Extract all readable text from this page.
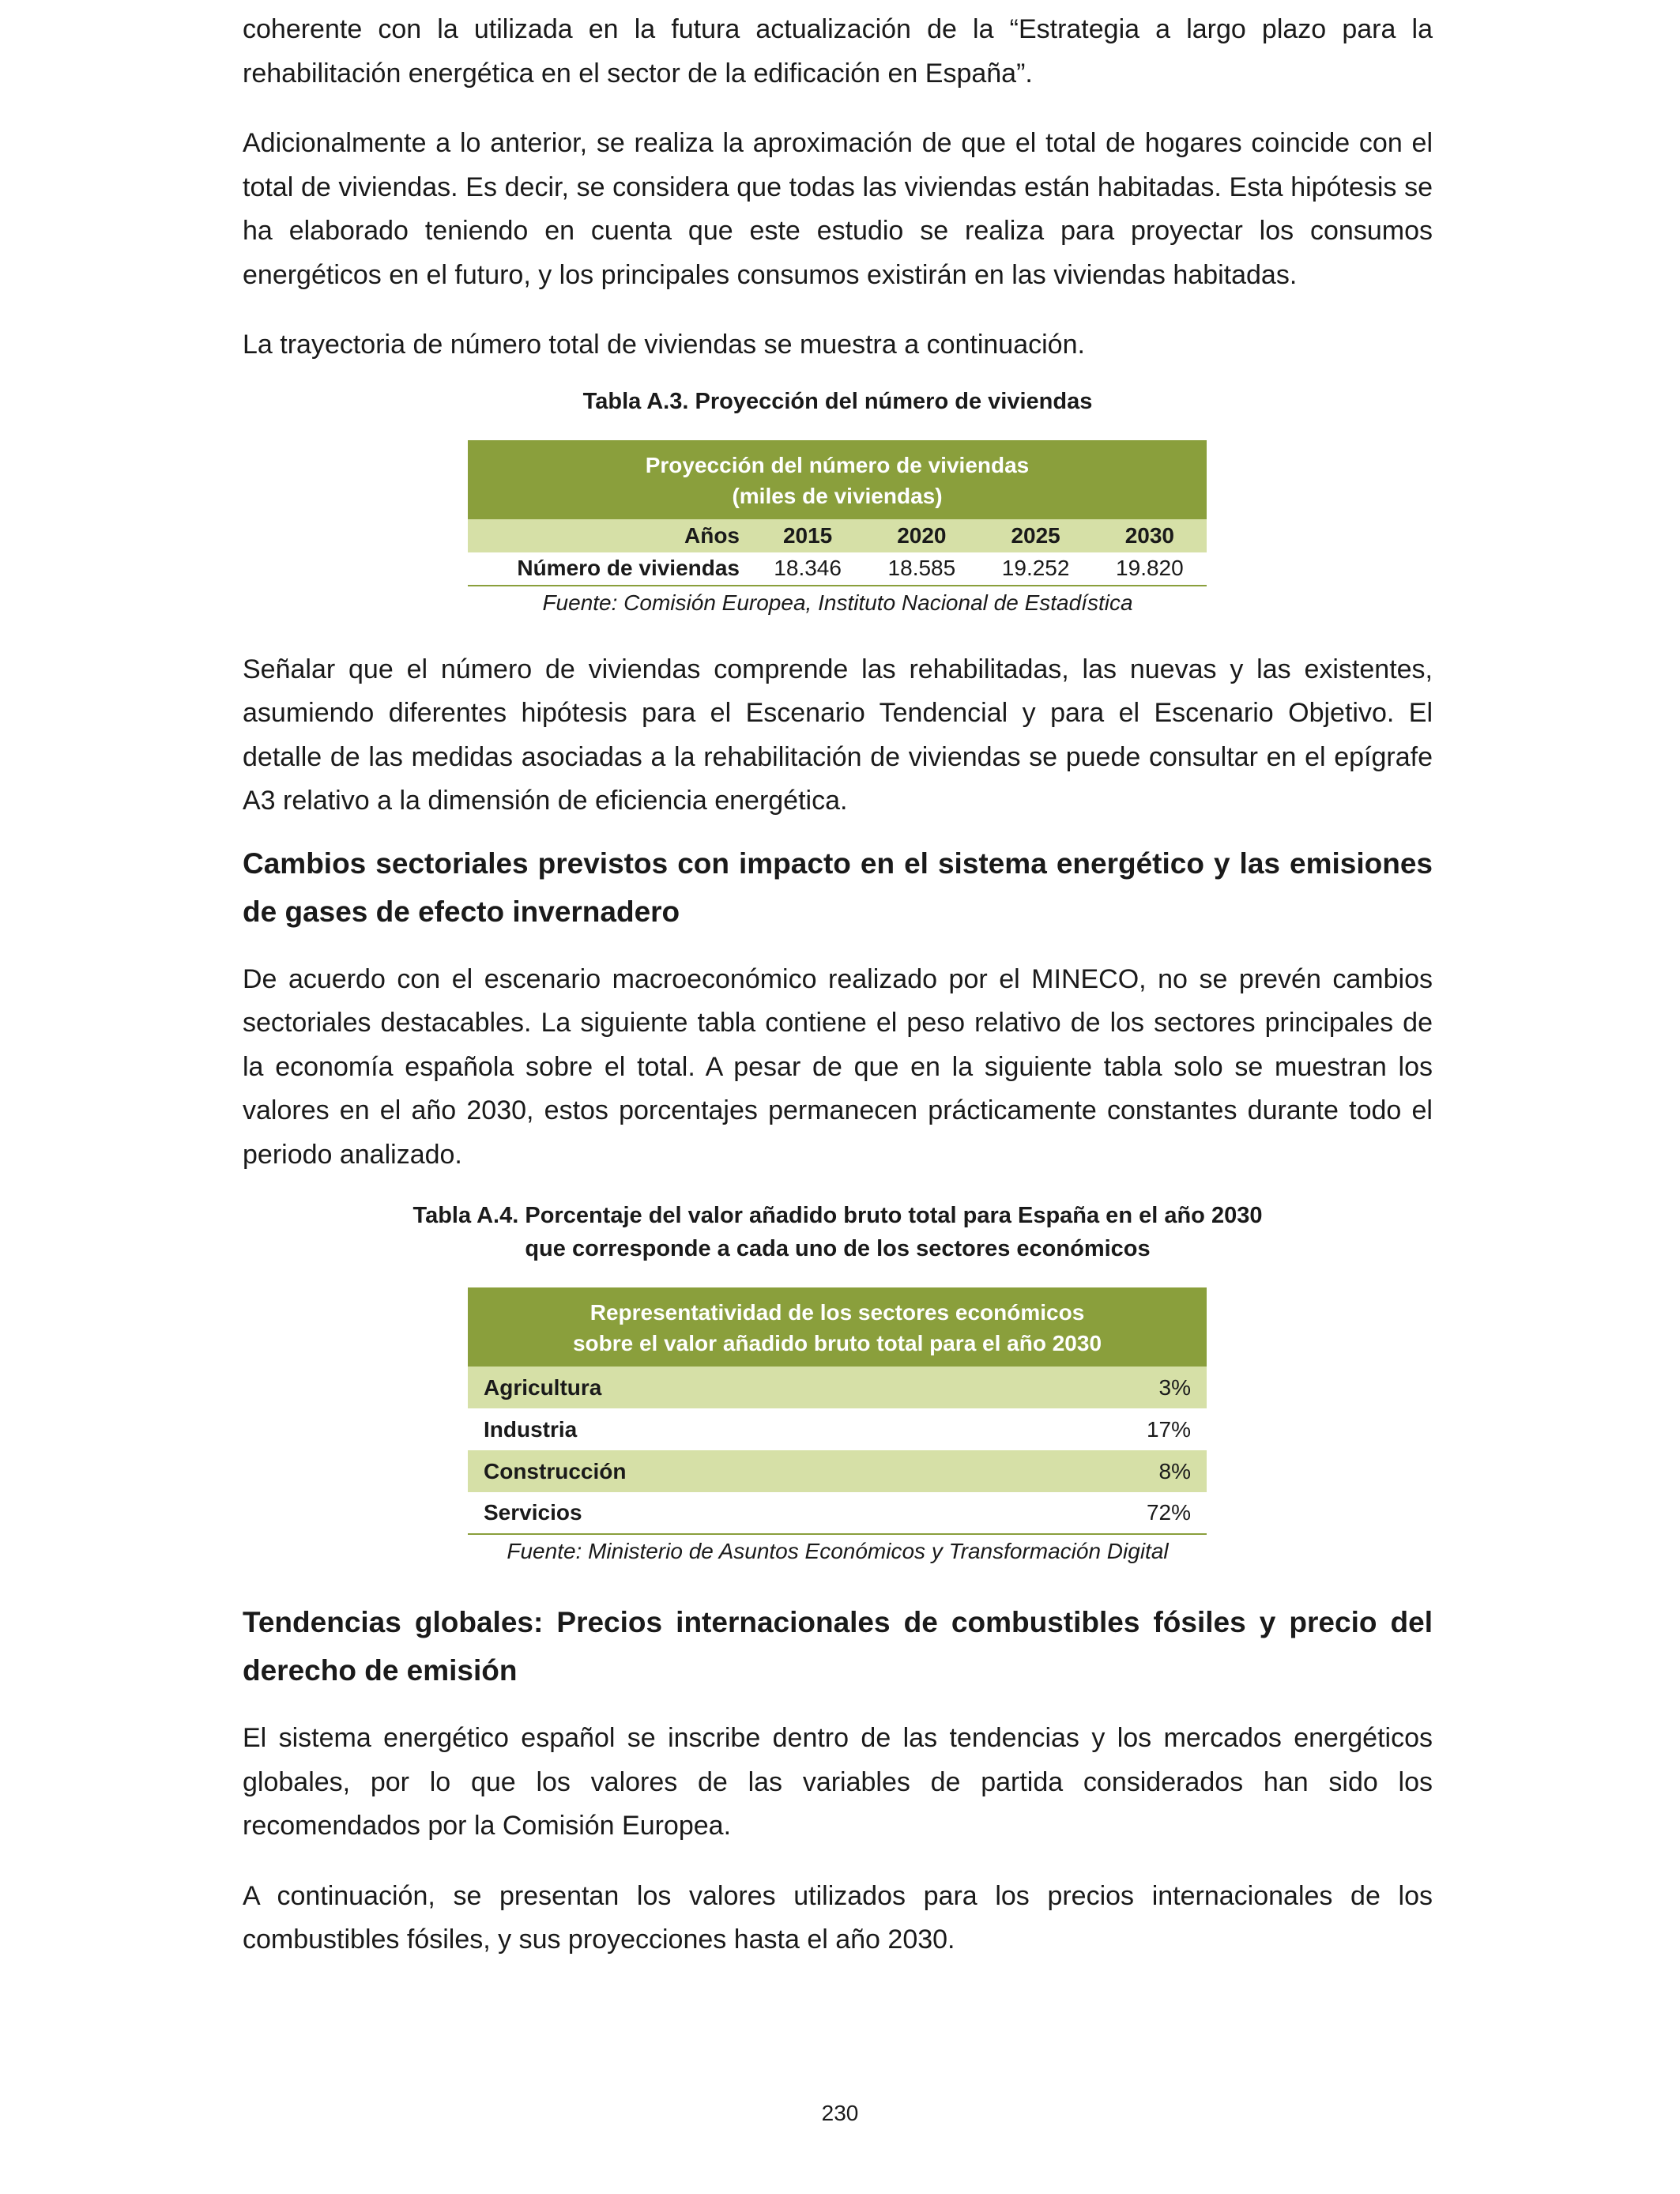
coherente con la utilizada en la futura actualización de la “Estrategia a largo plazo para la rehabilitación energética en el sector de la edificación en España”.

Adicionalmente a lo anterior, se realiza la aproximación de que el total de hogares coincide con el total de viviendas. Es decir, se considera que todas las viviendas están habitadas. Esta hipótesis se ha elaborado teniendo en cuenta que este estudio se realiza para proyectar los consumos energéticos en el futuro, y los principales consumos existirán en las viviendas habitadas.

La trayectoria de número total de viviendas se muestra a continuación.

Tabla A.3. Proyección del número de viviendas

Proyección del número de viviendas
(miles de viviendas)				

Años	2015	2020	2025	2030
Número de viviendas	18.346	18.585	19.252	19.820

Fuente: Comisión Europea, Instituto Nacional de Estadística

Señalar que el número de viviendas comprende las rehabilitadas, las nuevas y las existentes, asumiendo diferentes hipótesis para el Escenario Tendencial y para el Escenario Objetivo. El detalle de las medidas asociadas a la rehabilitación de viviendas se puede consultar en el epígrafe A3 relativo a la dimensión de eficiencia energética.

Cambios sectoriales previstos con impacto en el sistema energético y las emisiones de gases de efecto invernadero

De acuerdo con el escenario macroeconómico realizado por el MINECO, no se prevén cambios sectoriales destacables. La siguiente tabla contiene el peso relativo de los sectores principales de la economía española sobre el total. A pesar de que en la siguiente tabla solo se muestran los valores en el año 2030, estos porcentajes permanecen prácticamente constantes durante todo el periodo analizado.

Tabla A.4. Porcentaje del valor añadido bruto total para España en el año 2030

que corresponde a cada uno de los sectores económicos

Representatividad de los sectores económicos
sobre el valor añadido bruto total para el año 2030	

Agricultura	3%
Industria	17%
Construcción	8%
Servicios	72%

Fuente: Ministerio de Asuntos Económicos y Transformación Digital

Tendencias globales: Precios internacionales de combustibles fósiles y precio del derecho de emisión

El sistema energético español se inscribe dentro de las tendencias y los mercados energéticos globales, por lo que los valores de las variables de partida considerados han sido los recomendados por la Comisión Europea.

A continuación, se presentan los valores utilizados para los precios internacionales de los combustibles fósiles, y sus proyecciones hasta el año 2030.

230
